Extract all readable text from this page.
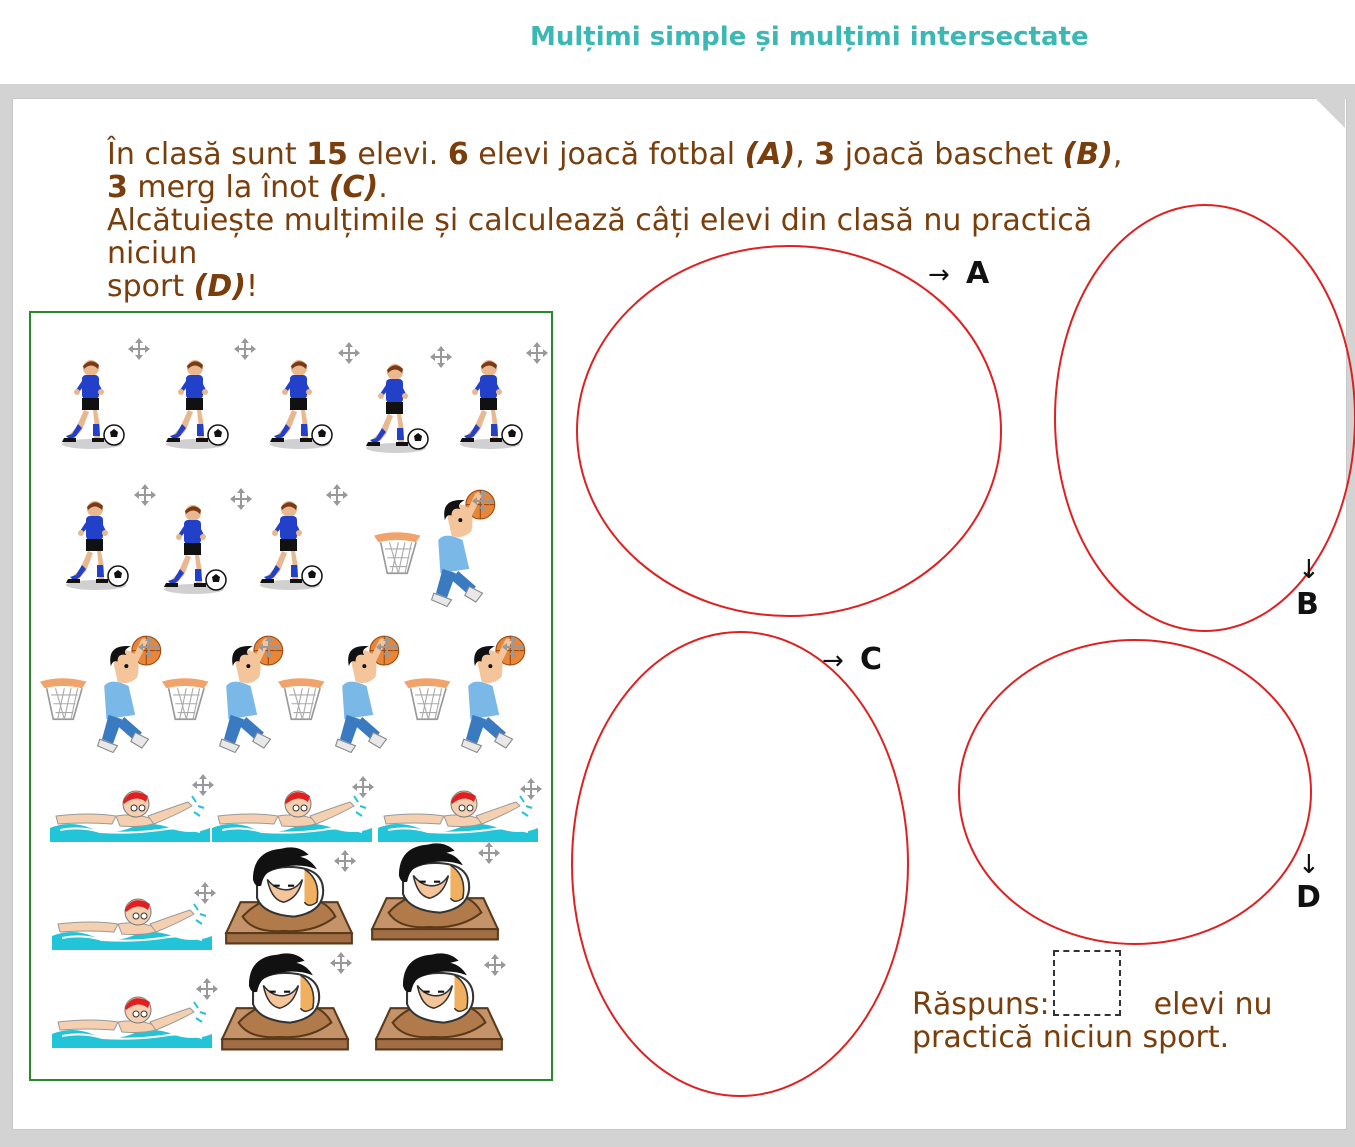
Mulțimi simple și mulțimi intersectate
În clasă sunt 15 elevi. 6 elevi joacă fotbal (A), 3 joacă baschet (B),
3 merg la înot (C).
Alcătuiește mulțimile și calculează câți elevi din clasă nu practică niciun
sport (D)!	→ A
↓
B
→ C
↓
D
Răspuns:	elevi nu
practică niciun sport.
